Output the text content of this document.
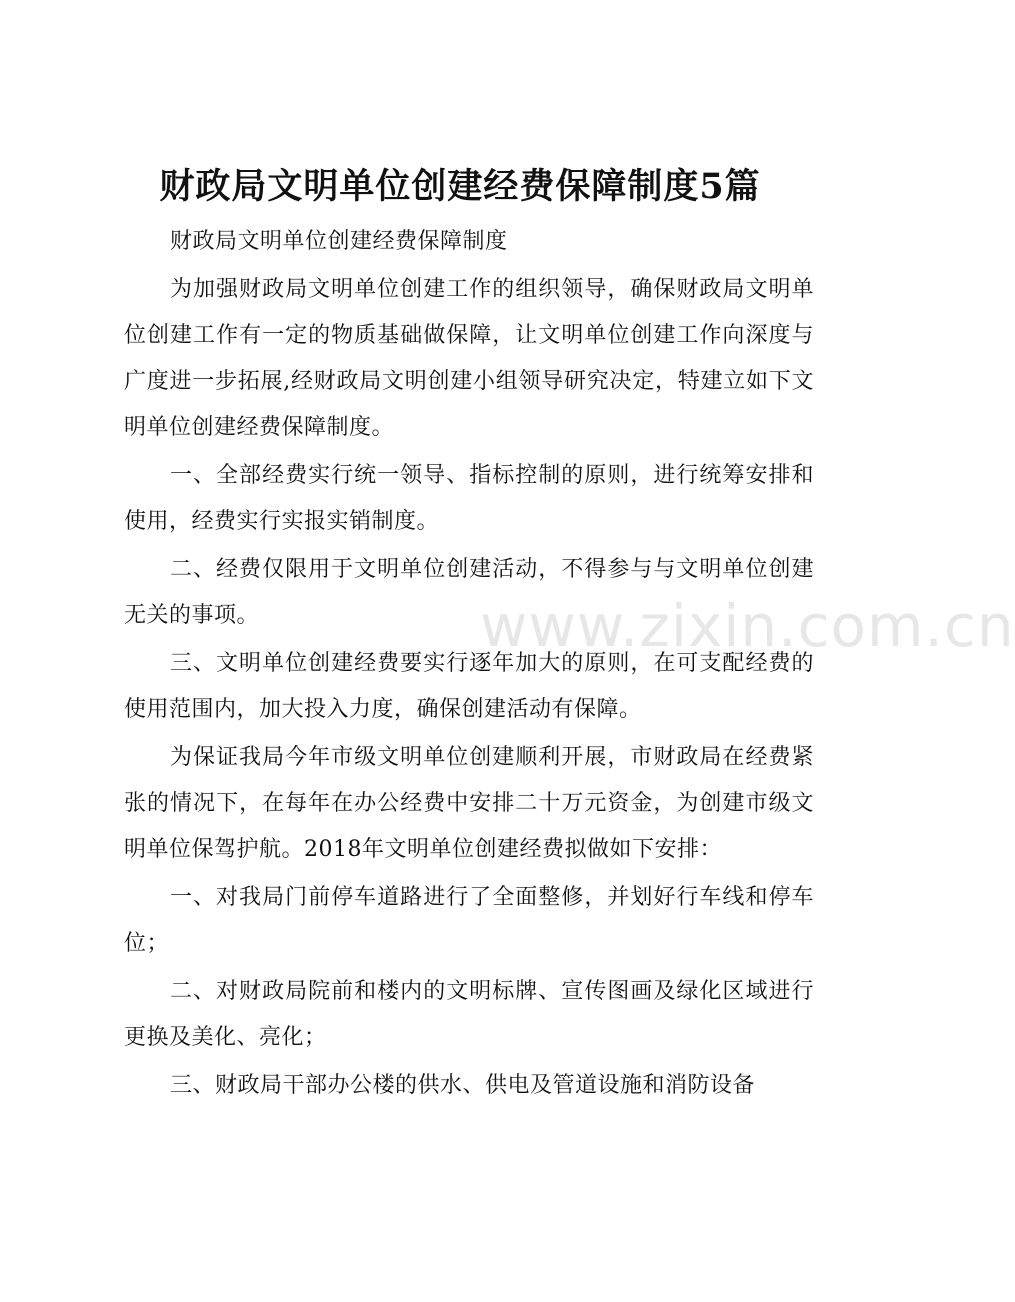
财政局文明单位创建经费保障制度5篇

财政局文明单位创建经费保障制度

为加强财政局文明单位创建工作的组织领导，确保财政局文明单位创建工作有一定的物质基础做保障，让文明单位创建工作向深度与广度进一步拓展,经财政局文明创建小组领导研究决定，特建立如下文明单位创建经费保障制度。

一、全部经费实行统一领导、指标控制的原则，进行统筹安排和使用，经费实行实报实销制度。

二、经费仅限用于文明单位创建活动，不得参与与文明单位创建无关的事项。

三、文明单位创建经费要实行逐年加大的原则，在可支配经费的使用范围内，加大投入力度，确保创建活动有保障。

为保证我局今年市级文明单位创建顺利开展，市财政局在经费紧张的情况下，在每年在办公经费中安排二十万元资金，为创建市级文明单位保驾护航。2018年文明单位创建经费拟做如下安排：

一、对我局门前停车道路进行了全面整修，并划好行车线和停车位；

二、对财政局院前和楼内的文明标牌、宣传图画及绿化区域进行更换及美化、亮化；

三、财政局干部办公楼的供水、供电及管道设施和消防设备

www.zixin.com.cn
